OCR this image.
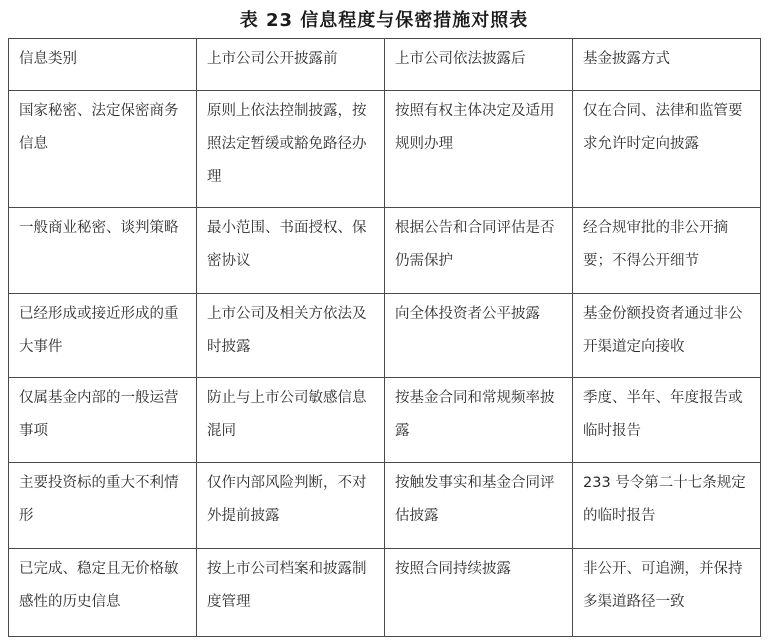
表 23 信息程度与保密措施对照表
信息类别	上市公司公开披露前	上市公司依法披露后	基金披露方式
国家秘密、法定保密商务信息	原则上依法控制披露，按照法定暂缓或豁免路径办理	按照有权主体决定及适用规则办理	仅在合同、法律和监管要求允许时定向披露
一般商业秘密、谈判策略	最小范围、书面授权、保密协议	根据公告和合同评估是否仍需保护	经合规审批的非公开摘要；不得公开细节
已经形成或接近形成的重大事件	上市公司及相关方依法及时披露	向全体投资者公平披露	基金份额投资者通过非公开渠道定向接收
仅属基金内部的一般运营事项	防止与上市公司敏感信息混同	按基金合同和常规频率披露	季度、半年、年度报告或临时报告
主要投资标的重大不利情形	仅作内部风险判断，不对外提前披露	按触发事实和基金合同评估披露	233 号令第二十七条规定的临时报告
已完成、稳定且无价格敏感性的历史信息	按上市公司档案和披露制度管理	按照合同持续披露	非公开、可追溯，并保持多渠道路径一致
